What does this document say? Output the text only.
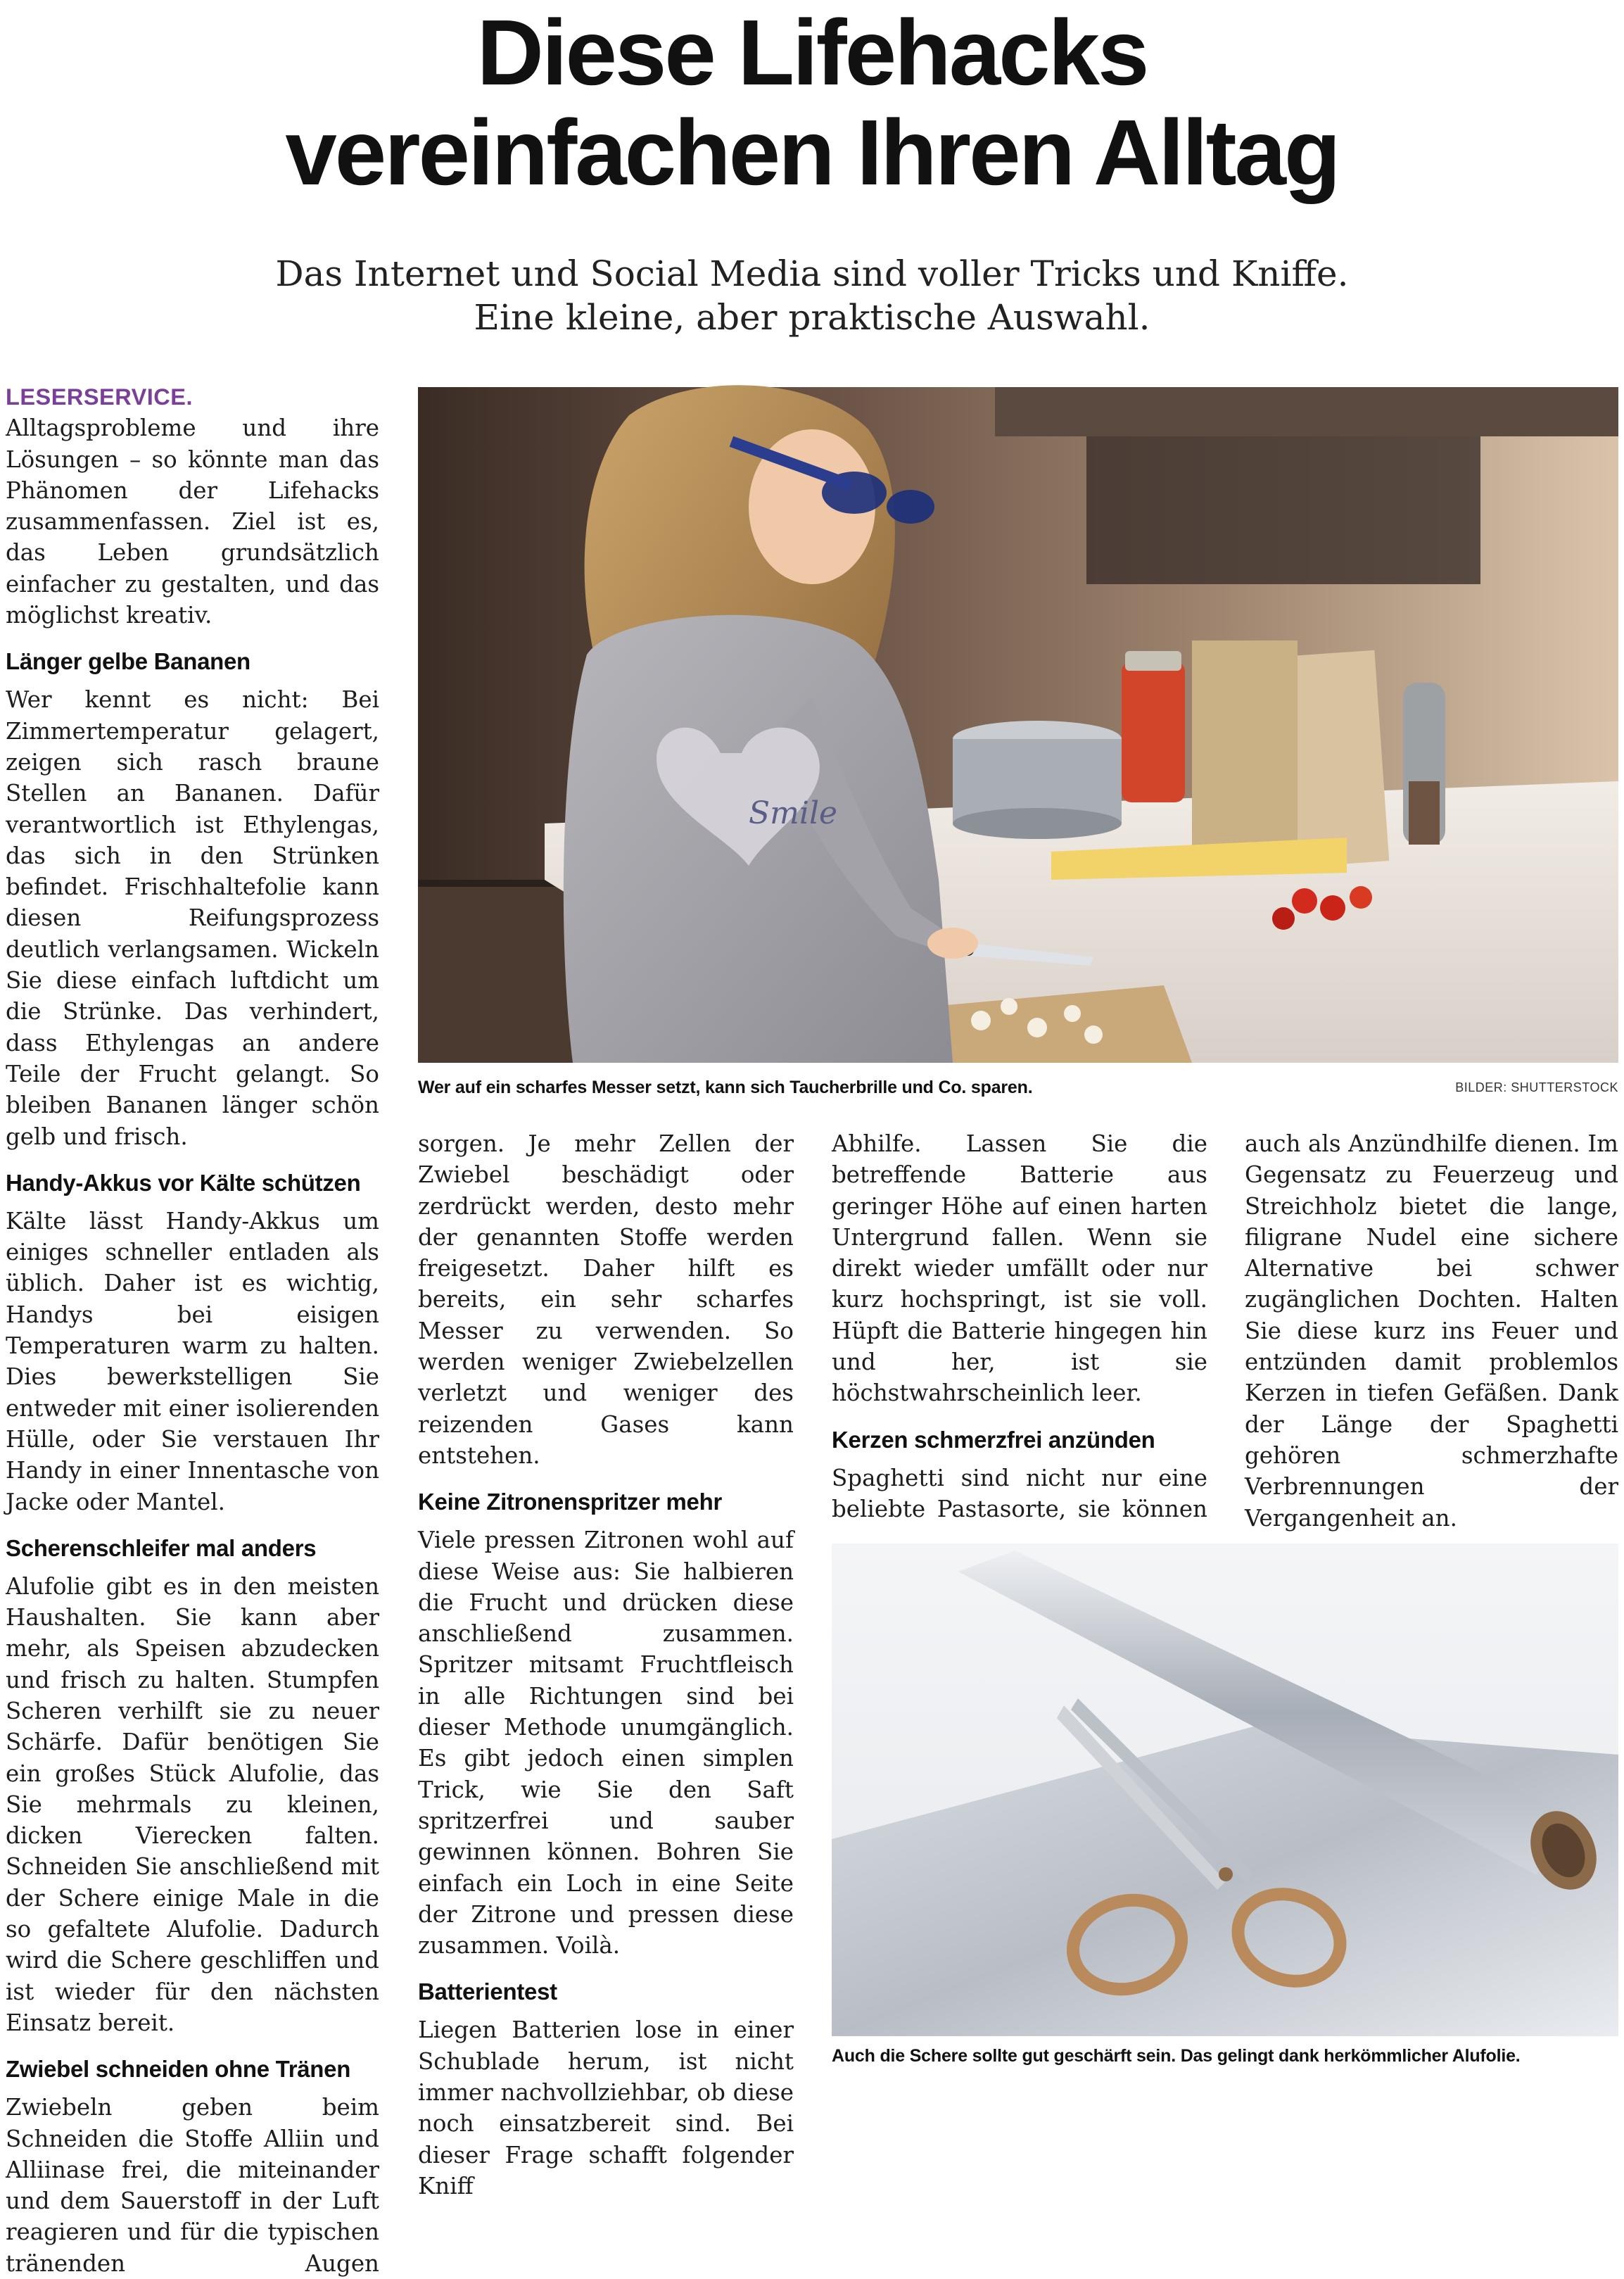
Diese Lifehacks
vereinfachen Ihren Alltag
Das Internet und Social Media sind voller Tricks und Kniffe.
Eine kleine, aber praktische Auswahl.

LESERSERVICE. Alltagsprobleme und ihre Lösungen – so könnte man das Phänomen der Lifehacks zusammenfassen. Ziel ist es, das Leben grundsätzlich einfacher zu gestalten, und das möglichst kreativ.

Länger gelbe Bananen

Wer kennt es nicht: Bei Zimmertemperatur gelagert, zeigen sich rasch braune Stellen an Bananen. Dafür verantwortlich ist Ethylengas, das sich in den Strünken befindet. Frischhaltefolie kann diesen Reifungsprozess deutlich verlangsamen. Wickeln Sie diese einfach luftdicht um die Strünke. Das verhindert, dass Ethylengas an andere Teile der Frucht gelangt. So bleiben Bananen länger schön gelb und frisch.

Handy-Akkus vor Kälte schützen

Kälte lässt Handy-Akkus um einiges schneller entladen als üblich. Daher ist es wichtig, Handys bei eisigen Temperaturen warm zu halten. Dies bewerkstelligen Sie entweder mit einer isolierenden Hülle, oder Sie verstauen Ihr Handy in einer Innentasche von Jacke oder Mantel.

Scherenschleifer mal anders

Alufolie gibt es in den meisten Haushalten. Sie kann aber mehr, als Speisen abzudecken und frisch zu halten. Stumpfen Scheren verhilft sie zu neuer Schärfe. Dafür benötigen Sie ein großes Stück Alufolie, das Sie mehrmals zu kleinen, dicken Vierecken falten. Schneiden Sie anschließend mit der Schere einige Male in die so gefaltete Alufolie. Dadurch wird die Schere geschliffen und ist wieder für den nächsten Einsatz bereit.

Zwiebel schneiden ohne Tränen

Zwiebeln geben beim Schneiden die Stoffe Alliin und Alliinase frei, die miteinander und dem Sauerstoff in der Luft reagieren und für die typischen tränenden Augen

Smile
Wer auf ein scharfes Messer setzt, kann sich Taucherbrille und Co. sparen.	BILDER: SHUTTERSTOCK

sorgen. Je mehr Zellen der Zwiebel beschädigt oder zerdrückt werden, desto mehr der genannten Stoffe werden freigesetzt. Daher hilft es bereits, ein sehr scharfes Messer zu verwenden. So werden weniger Zwiebelzellen verletzt und weniger des reizenden Gases kann entstehen.

Keine Zitronenspritzer mehr

Viele pressen Zitronen wohl auf diese Weise aus: Sie halbieren die Frucht und drücken diese anschließend zusammen. Spritzer mitsamt Fruchtfleisch in alle Richtungen sind bei dieser Methode unumgänglich. Es gibt jedoch einen simplen Trick, wie Sie den Saft spritzerfrei und sauber gewinnen können. Bohren Sie einfach ein Loch in eine Seite der Zitrone und pressen diese zusammen. Voilà.

Batterientest

Liegen Batterien lose in einer Schublade herum, ist nicht immer nachvollziehbar, ob diese noch einsatzbereit sind. Bei dieser Frage schafft folgender Kniff

Abhilfe. Lassen Sie die betreffende Batterie aus geringer Höhe auf einen harten Untergrund fallen. Wenn sie direkt wieder umfällt oder nur kurz hochspringt, ist sie voll. Hüpft die Batterie hingegen hin und her, ist sie höchstwahrscheinlich leer.

Kerzen schmerzfrei anzünden

Spaghetti sind nicht nur eine beliebte Pastasorte, sie können

auch als Anzündhilfe dienen. Im Gegensatz zu Feuerzeug und Streichholz bietet die lange, filigrane Nudel eine sichere Alternative bei schwer zugänglichen Dochten. Halten Sie diese kurz ins Feuer und entzünden damit problemlos Kerzen in tiefen Gefäßen. Dank der Länge der Spaghetti gehören schmerzhafte Verbrennungen der Vergangenheit an.

Auch die Schere sollte gut geschärft sein. Das gelingt dank herkömmlicher Alufolie.
